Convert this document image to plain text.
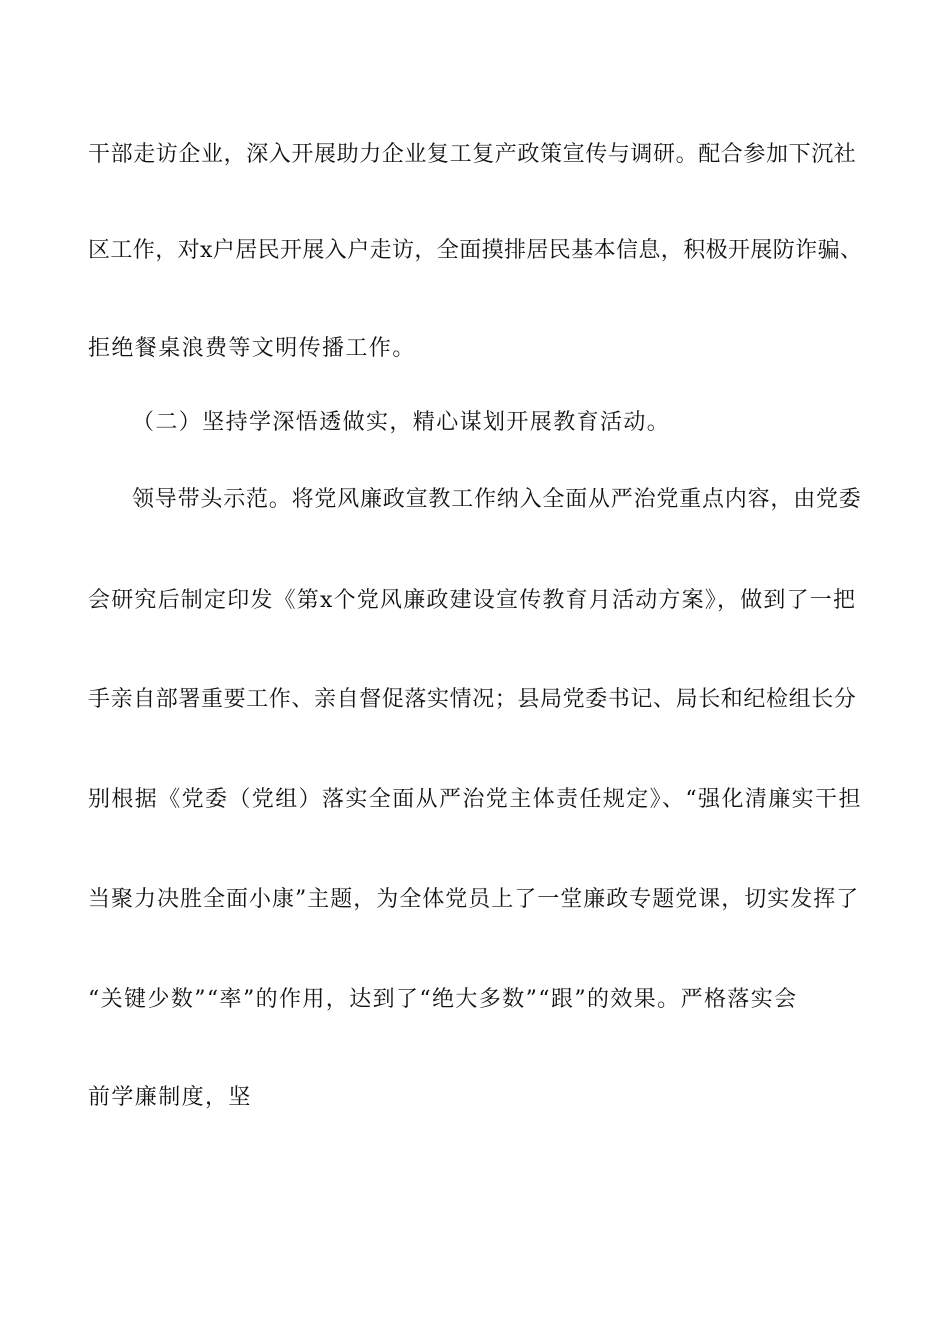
干部走访企业，深入开展助力企业复工复产政策宣传与调研。配合参加下沉社

区工作，对x户居民开展入户走访，全面摸排居民基本信息，积极开展防诈骗、

拒绝餐桌浪费等文明传播工作。

（二）坚持学深悟透做实，精心谋划开展教育活动。

领导带头示范。将党风廉政宣教工作纳入全面从严治党重点内容，由党委

会研究后制定印发《第x个党风廉政建设宣传教育月活动方案》，做到了一把

手亲自部署重要工作、亲自督促落实情况；县局党委书记、局长和纪检组长分

别根据《党委（党组）落实全面从严治党主体责任规定》、“强化清廉实干担

当聚力决胜全面小康”主题，为全体党员上了一堂廉政专题党课，切实发挥了

“关键少数”“率”的作用，达到了“绝大多数”“跟”的效果。严格落实会

前学廉制度，坚
